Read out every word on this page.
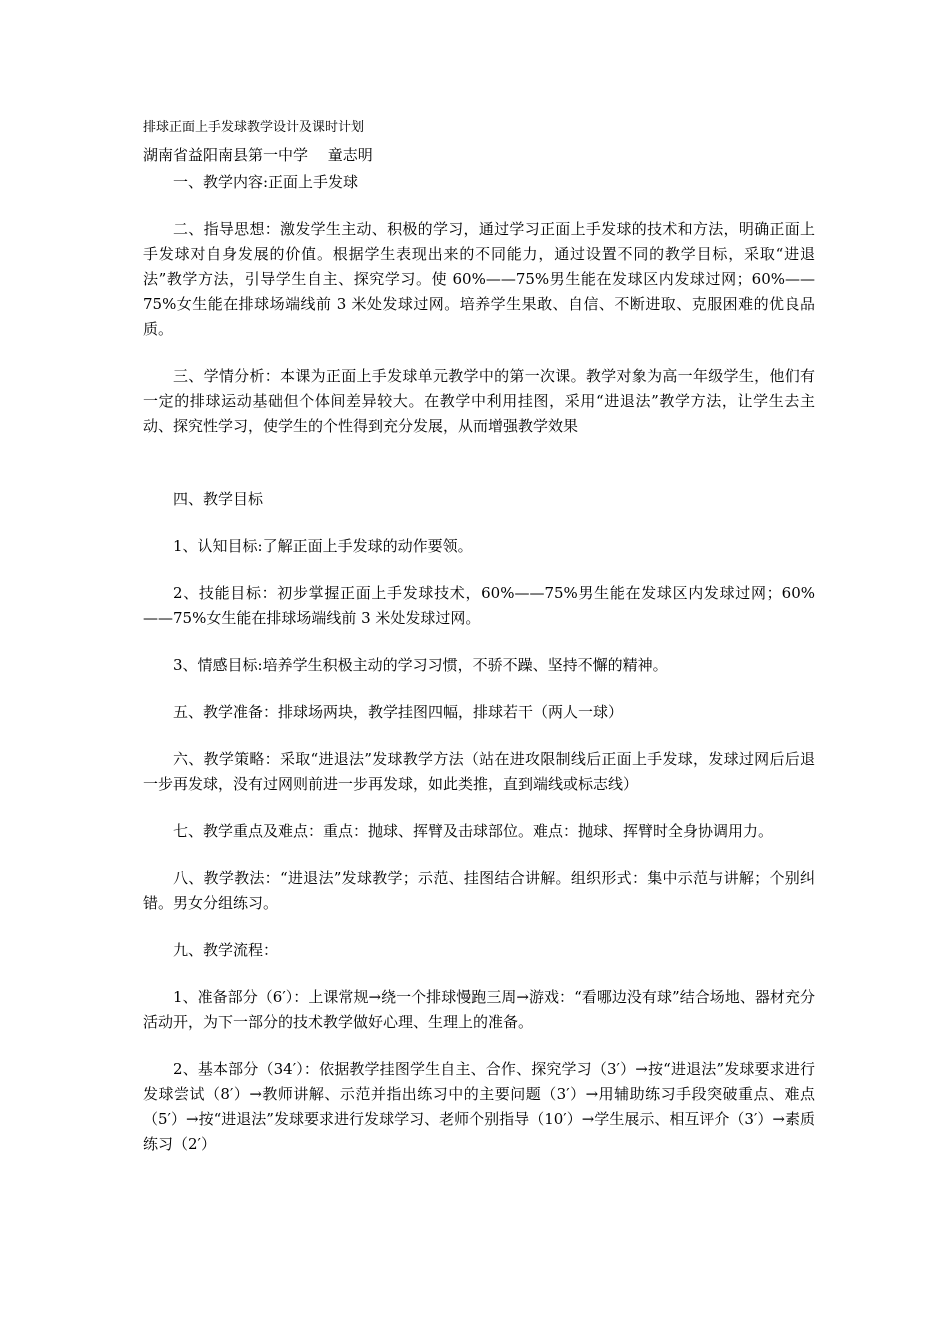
排球正面上手发球教学设计及课时计划

湖南省益阳南县第一中学　 童志明

一、教学内容:正面上手发球

二、指导思想：激发学生主动、积极的学习，通过学习正面上手发球的技术和方法，明确正面上手发球对自身发展的价值。根据学生表现出来的不同能力，通过设置不同的教学目标，采取“进退法”教学方法，引导学生自主、探究学习。使 60%——75%男生能在发球区内发球过网；60%——75%女生能在排球场端线前 3 米处发球过网。培养学生果敢、自信、不断进取、克服困难的优良品质。

三、学情分析：本课为正面上手发球单元教学中的第一次课。教学对象为高一年级学生，他们有一定的排球运动基础但个体间差异较大。在教学中利用挂图，采用“进退法”教学方法，让学生去主动、探究性学习，使学生的个性得到充分发展，从而增强教学效果

四、教学目标

1、认知目标:了解正面上手发球的动作要领。

2、技能目标：初步掌握正面上手发球技术，60%——75%男生能在发球区内发球过网；60%——75%女生能在排球场端线前 3 米处发球过网。

3、情感目标:培养学生积极主动的学习习惯，不骄不躁、坚持不懈的精神。

五、教学准备：排球场两块，教学挂图四幅，排球若干（两人一球）

六、教学策略：采取“进退法”发球教学方法（站在进攻限制线后正面上手发球，发球过网后后退一步再发球，没有过网则前进一步再发球，如此类推，直到端线或标志线）

七、教学重点及难点：重点：抛球、挥臂及击球部位。难点：抛球、挥臂时全身协调用力。

八、教学教法：“进退法”发球教学；示范、挂图结合讲解。组织形式：集中示范与讲解；个别纠错。男女分组练习。

九、教学流程：

1、准备部分（6′）：上课常规→绕一个排球慢跑三周→游戏：“看哪边没有球”结合场地、器材充分活动开，为下一部分的技术教学做好心理、生理上的准备。

2、基本部分（34′）：依据教学挂图学生自主、合作、探究学习（3′）→按“进退法”发球要求进行发球尝试（8′）→教师讲解、示范并指出练习中的主要问题（3′）→用辅助练习手段突破重点、难点（5′）→按“进退法”发球要求进行发球学习、老师个别指导（10′）→学生展示、相互评介（3′）→素质练习（2′）
